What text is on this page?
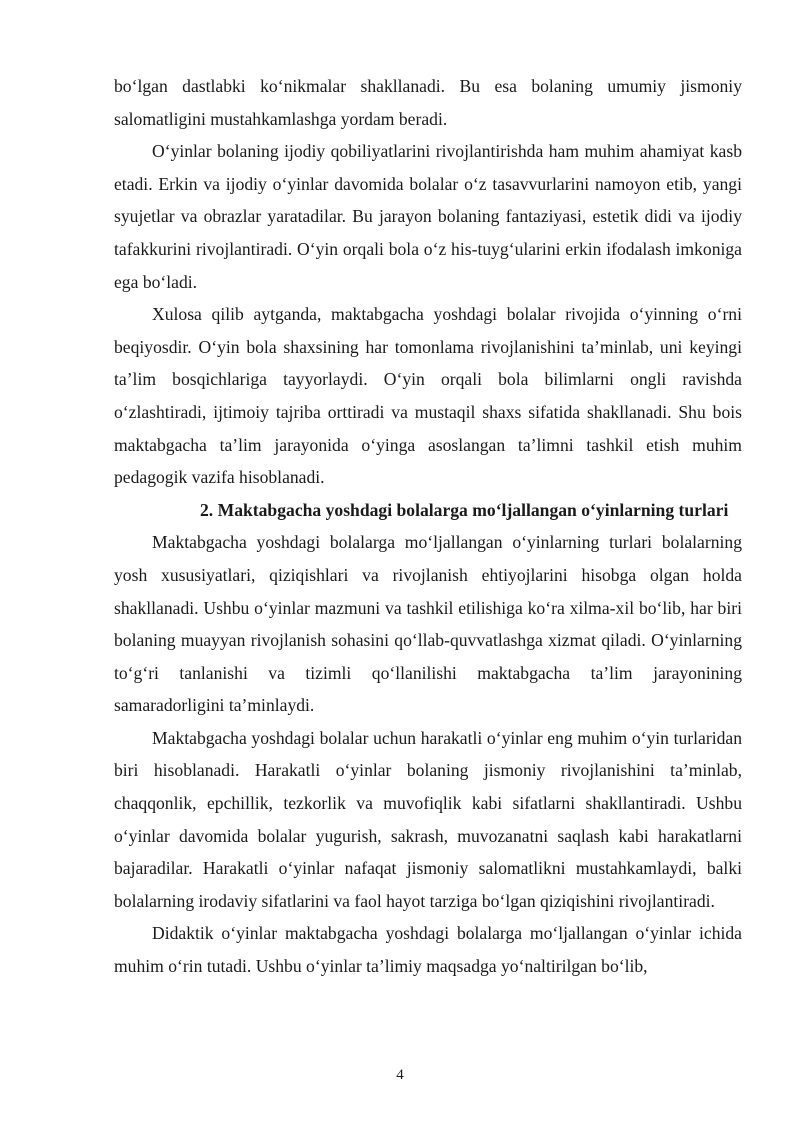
bo‘lgan dastlabki ko‘nikmalar shakllanadi. Bu esa bolaning umumiy jismoniy salomatligini mustahkamlashga yordam beradi.

O‘yinlar bolaning ijodiy qobiliyatlarini rivojlantirishda ham muhim ahamiyat kasb etadi. Erkin va ijodiy o‘yinlar davomida bolalar o‘z tasavvurlarini namoyon etib, yangi syujetlar va obrazlar yaratadilar. Bu jarayon bolaning fantaziyasi, estetik didi va ijodiy tafakkurini rivojlantiradi. O‘yin orqali bola o‘z his-tuyg‘ularini erkin ifodalash imkoniga ega bo‘ladi.

Xulosa qilib aytganda, maktabgacha yoshdagi bolalar rivojida o‘yinning o‘rni beqiyosdir. O‘yin bola shaxsining har tomonlama rivojlanishini ta’minlab, uni keyingi ta’lim bosqichlariga tayyorlaydi. O‘yin orqali bola bilimlarni ongli ravishda o‘zlashtiradi, ijtimoiy tajriba orttiradi va mustaqil shaxs sifatida shakllanadi. Shu bois maktabgacha ta’lim jarayonida o‘yinga asoslangan ta’limni tashkil etish muhim pedagogik vazifa hisoblanadi.

2. Maktabgacha yoshdagi bolalarga mo‘ljallangan o‘yinlarning turlari

Maktabgacha yoshdagi bolalarga mo‘ljallangan o‘yinlarning turlari bolalarning yosh xususiyatlari, qiziqishlari va rivojlanish ehtiyojlarini hisobga olgan holda shakllanadi. Ushbu o‘yinlar mazmuni va tashkil etilishiga ko‘ra xilma-xil bo‘lib, har biri bolaning muayyan rivojlanish sohasini qo‘llab-quvvatlashga xizmat qiladi. O‘yinlarning to‘g‘ri tanlanishi va tizimli qo‘llanilishi maktabgacha ta’lim jarayonining samaradorligini ta’minlaydi.

Maktabgacha yoshdagi bolalar uchun harakatli o‘yinlar eng muhim o‘yin turlaridan biri hisoblanadi. Harakatli o‘yinlar bolaning jismoniy rivojlanishini ta’minlab, chaqqonlik, epchillik, tezkorlik va muvofiqlik kabi sifatlarni shakllantiradi. Ushbu o‘yinlar davomida bolalar yugurish, sakrash, muvozanatni saqlash kabi harakatlarni bajaradilar. Harakatli o‘yinlar nafaqat jismoniy salomatlikni mustahkamlaydi, balki bolalarning irodaviy sifatlarini va faol hayot tarziga bo‘lgan qiziqishini rivojlantiradi.

Didaktik o‘yinlar maktabgacha yoshdagi bolalarga mo‘ljallangan o‘yinlar ichida muhim o‘rin tutadi. Ushbu o‘yinlar ta’limiy maqsadga yo‘naltirilgan bo‘lib,

4
